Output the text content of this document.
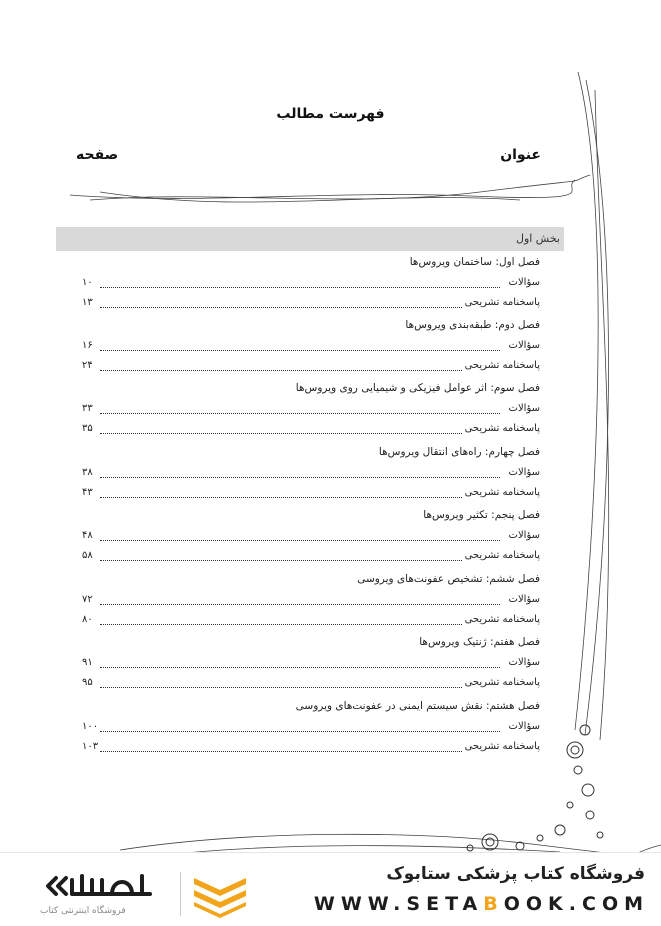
فهرست مطالب
عنوان
صفحه
بخش اول
فصل اول: ساختمان ویروس‌ها
سؤالات
۱۰
پاسخنامه تشریحی
۱۳
فصل دوم: طبقه‌بندی ویروس‌ها
سؤالات
۱۶
پاسخنامه تشریحی
۲۴
فصل سوم: اثر عوامل فیزیکی و شیمیایی روی ویروس‌ها
سؤالات
۳۳
پاسخنامه تشریحی
۳۵
فصل چهارم: راه‌های انتقال ویروس‌ها
سؤالات
۳۸
پاسخنامه تشریحی
۴۳
فصل پنجم: تکثیر ویروس‌ها
سؤالات
۴۸
پاسخنامه تشریحی
۵۸
فصل ششم: تشخیص عفونت‌های ویروسی
سؤالات
۷۲
پاسخنامه تشریحی
۸۰
فصل هفتم: ژنتیک ویروس‌ها
سؤالات
۹۱
پاسخنامه تشریحی
۹۵
فصل هشتم: نقش سیستم ایمنی در عفونت‌های ویروسی
سؤالات
۱۰۰
پاسخنامه تشریحی
۱۰۳
فروشگاه اینترنتی کتاب
فروشگاه کتاب پزشکی ستابوک
WWW.SETABOOK.COM
